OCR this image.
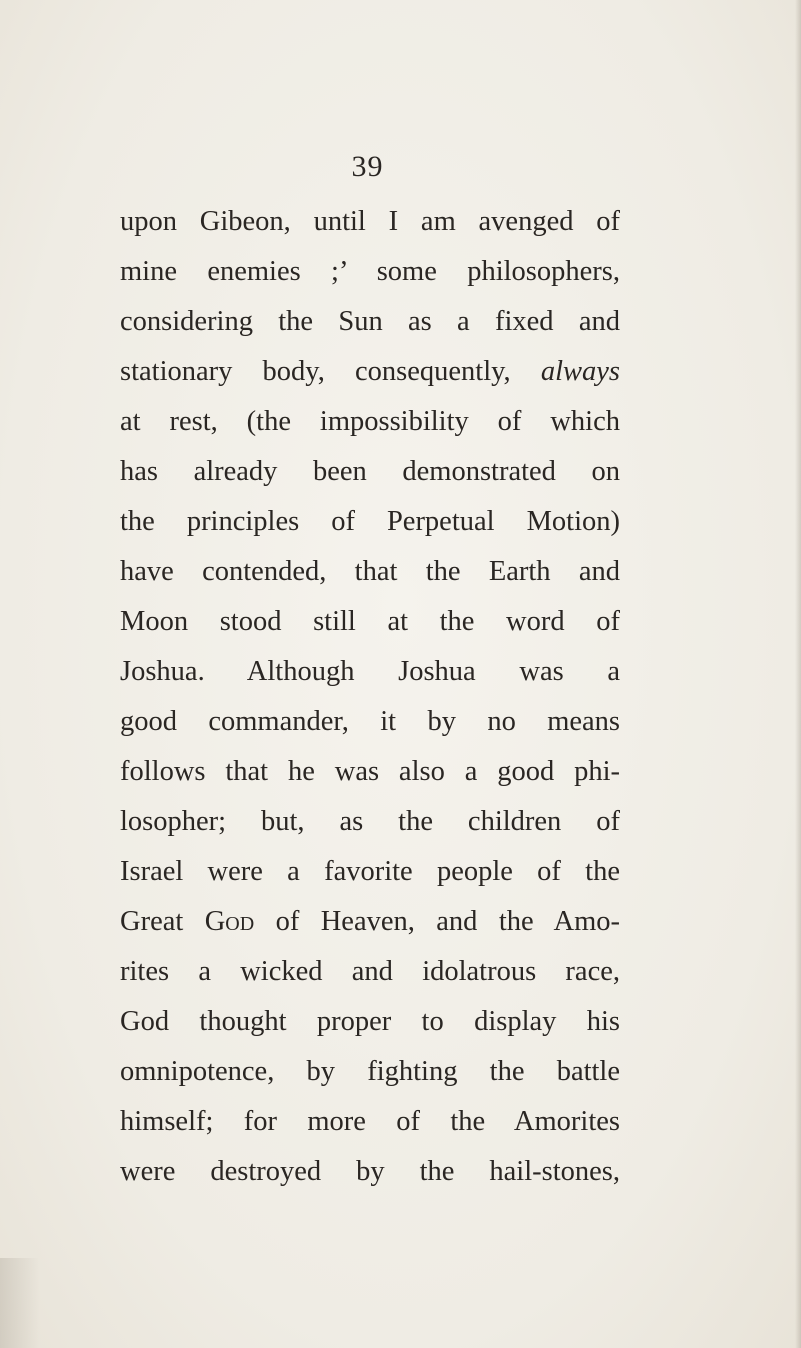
39
upon Gibeon, until I am avenged of
mine enemies ;’ some philosophers,
considering the Sun as a fixed and
stationary body, consequently, always
at rest, (the impossibility of which
has already been demonstrated on
the principles of Perpetual Motion)
have contended, that the Earth and
Moon stood still at the word of
Joshua. Although Joshua was a
good commander, it by no means
follows that he was also a good phi-
losopher; but, as the children of
Israel were a favorite people of the
Great God of Heaven, and the Amo-
rites a wicked and idolatrous race,
God thought proper to display his
omnipotence, by fighting the battle
himself; for more of the Amorites
were destroyed by the hail-stones,
